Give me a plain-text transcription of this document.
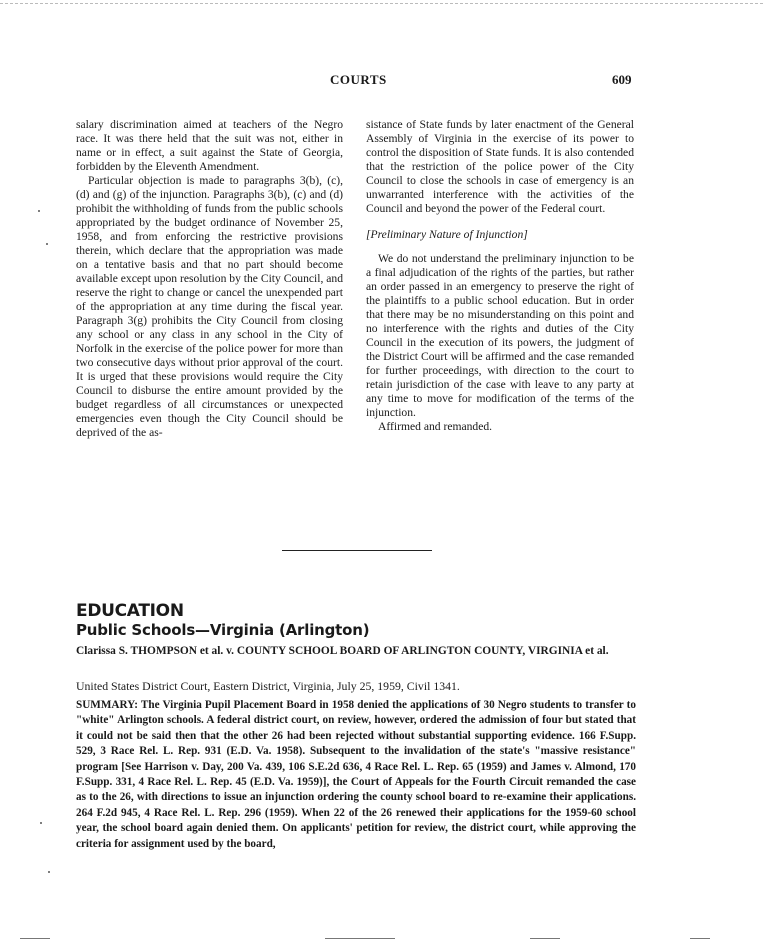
COURTS	609

salary discrimination aimed at teachers of the Negro race. It was there held that the suit was not, either in name or in effect, a suit against the State of Georgia, forbidden by the Eleventh Amendment.

Particular objection is made to paragraphs 3(b), (c), (d) and (g) of the injunction. Paragraphs 3(b), (c) and (d) prohibit the withholding of funds from the public schools appropriated by the budget ordinance of November 25, 1958, and from enforcing the restrictive provisions therein, which declare that the appropriation was made on a tentative basis and that no part should become available except upon resolution by the City Council, and reserve the right to change or cancel the unexpended part of the appropriation at any time during the fiscal year. Paragraph 3(g) prohibits the City Council from closing any school or any class in any school in the City of Norfolk in the exercise of the police power for more than two consecutive days without prior approval of the court. It is urged that these provisions would require the City Council to disburse the entire amount provided by the budget regardless of all circumstances or unexpected emergencies even though the City Council should be deprived of the as-

sistance of State funds by later enactment of the General Assembly of Virginia in the exercise of its power to control the disposition of State funds. It is also contended that the restriction of the police power of the City Council to close the schools in case of emergency is an unwarranted interference with the activities of the Council and beyond the power of the Federal court.

[Preliminary Nature of Injunction]

We do not understand the preliminary injunction to be a final adjudication of the rights of the parties, but rather an order passed in an emergency to preserve the right of the plaintiffs to a public school education. But in order that there may be no misunderstanding on this point and no interference with the rights and duties of the City Council in the execution of its powers, the judgment of the District Court will be affirmed and the case remanded for further proceedings, with direction to the court to retain jurisdiction of the case with leave to any party at any time to move for modification of the terms of the injunction.

Affirmed and remanded.

EDUCATION
Public Schools—Virginia (Arlington)
Clarissa S. THOMPSON et al. v. COUNTY SCHOOL BOARD OF ARLINGTON COUNTY, VIRGINIA et al.
United States District Court, Eastern District, Virginia, July 25, 1959, Civil 1341.
SUMMARY: The Virginia Pupil Placement Board in 1958 denied the applications of 30 Negro students to transfer to "white" Arlington schools. A federal district court, on review, however, ordered the admission of four but stated that it could not be said then that the other 26 had been rejected without substantial supporting evidence. 166 F.Supp. 529, 3 Race Rel. L. Rep. 931 (E.D. Va. 1958). Subsequent to the invalidation of the state's "massive resistance" program [See Harrison v. Day, 200 Va. 439, 106 S.E.2d 636, 4 Race Rel. L. Rep. 65 (1959) and James v. Almond, 170 F.Supp. 331, 4 Race Rel. L. Rep. 45 (E.D. Va. 1959)], the Court of Appeals for the Fourth Circuit remanded the case as to the 26, with directions to issue an injunction ordering the county school board to re-examine their applications. 264 F.2d 945, 4 Race Rel. L. Rep. 296 (1959). When 22 of the 26 renewed their applications for the 1959-60 school year, the school board again denied them. On applicants' petition for review, the district court, while approving the criteria for assignment used by the board,
